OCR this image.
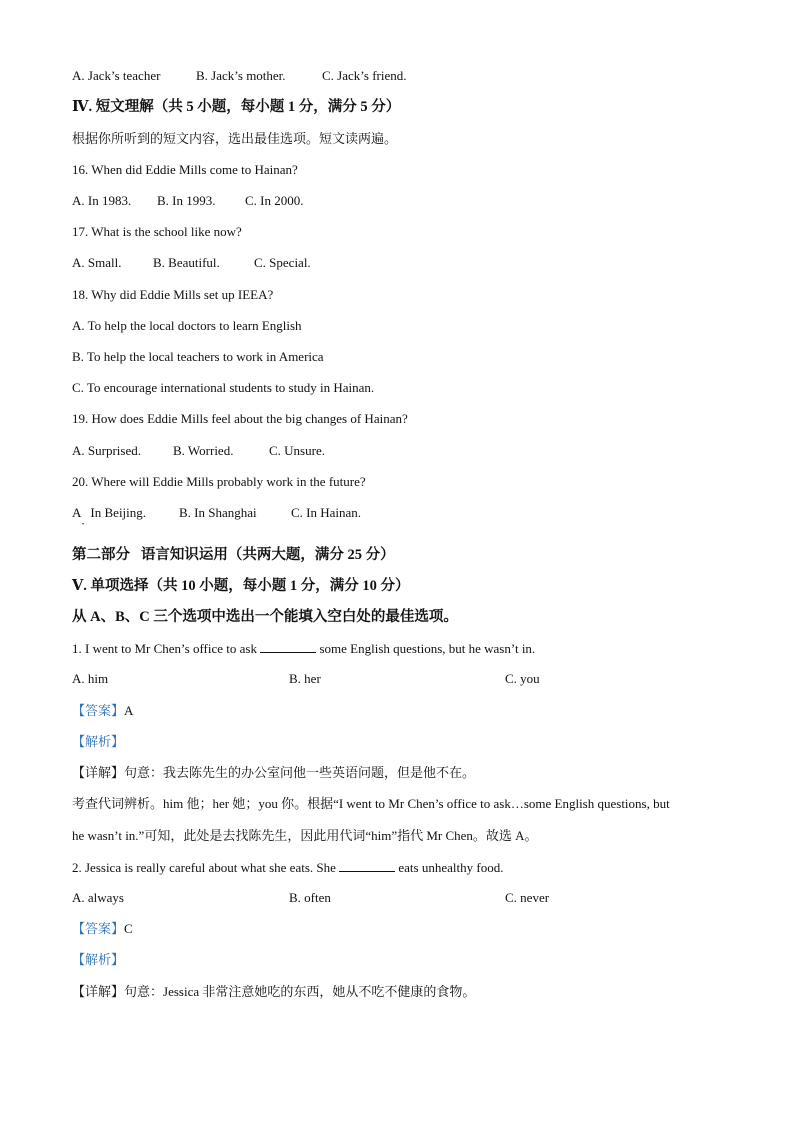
A. Jack’s teacher	B. Jack’s mother.	C. Jack’s friend.
Ⅳ. 短文理解（共 5 小题，每小题 1 分，满分 5 分）
根据你所听到的短文内容，选出最佳选项。短文读两遍。
16. When did Eddie Mills come to Hainan?
A. In 1983. B. In 1993. C. In 2000.
17. What is the school like now?
A. Small. B. Beautiful.	C. Special.
18. Why did Eddie Mills set up IEEA?
A. To help the local doctors to learn English
B. To help the local teachers to work in America
C. To encourage international students to study in Hainan.
19. How does Eddie Mills feel about the big changes of Hainan?
A. Surprised. B. Worried.	C. Unsure.
20. Where will Eddie Mills probably work in the future?
A   In Beijing.	B. In Shanghai	C. In Hainan.
•
第二部分   语言知识运用（共两大题，满分 25 分）
Ⅴ. 单项选择（共 10 小题，每小题 1 分，满分 10 分）
从 A、B、C 三个选项中选出一个能填入空白处的最佳选项。
1. I went to Mr Chen’s office to ask	some English questions, but he wasn’t in.
A. him	B. her	C. you
【答案】A
【解析】
【详解】句意：我去陈先生的办公室问他一些英语问题，但是他不在。
考查代词辨析。him 他；her 她；you 你。根据“I went to Mr Chen’s office to ask…some English questions, but
he wasn’t in.”可知，此处是去找陈先生，因此用代词“him”指代 Mr Chen。故选 A。
2. Jessica is really careful about what she eats. She	eats unhealthy food.
A. always	B. often	C. never
【答案】C
【解析】
【详解】句意：Jessica 非常注意她吃的东西，她从不吃不健康的食物。
